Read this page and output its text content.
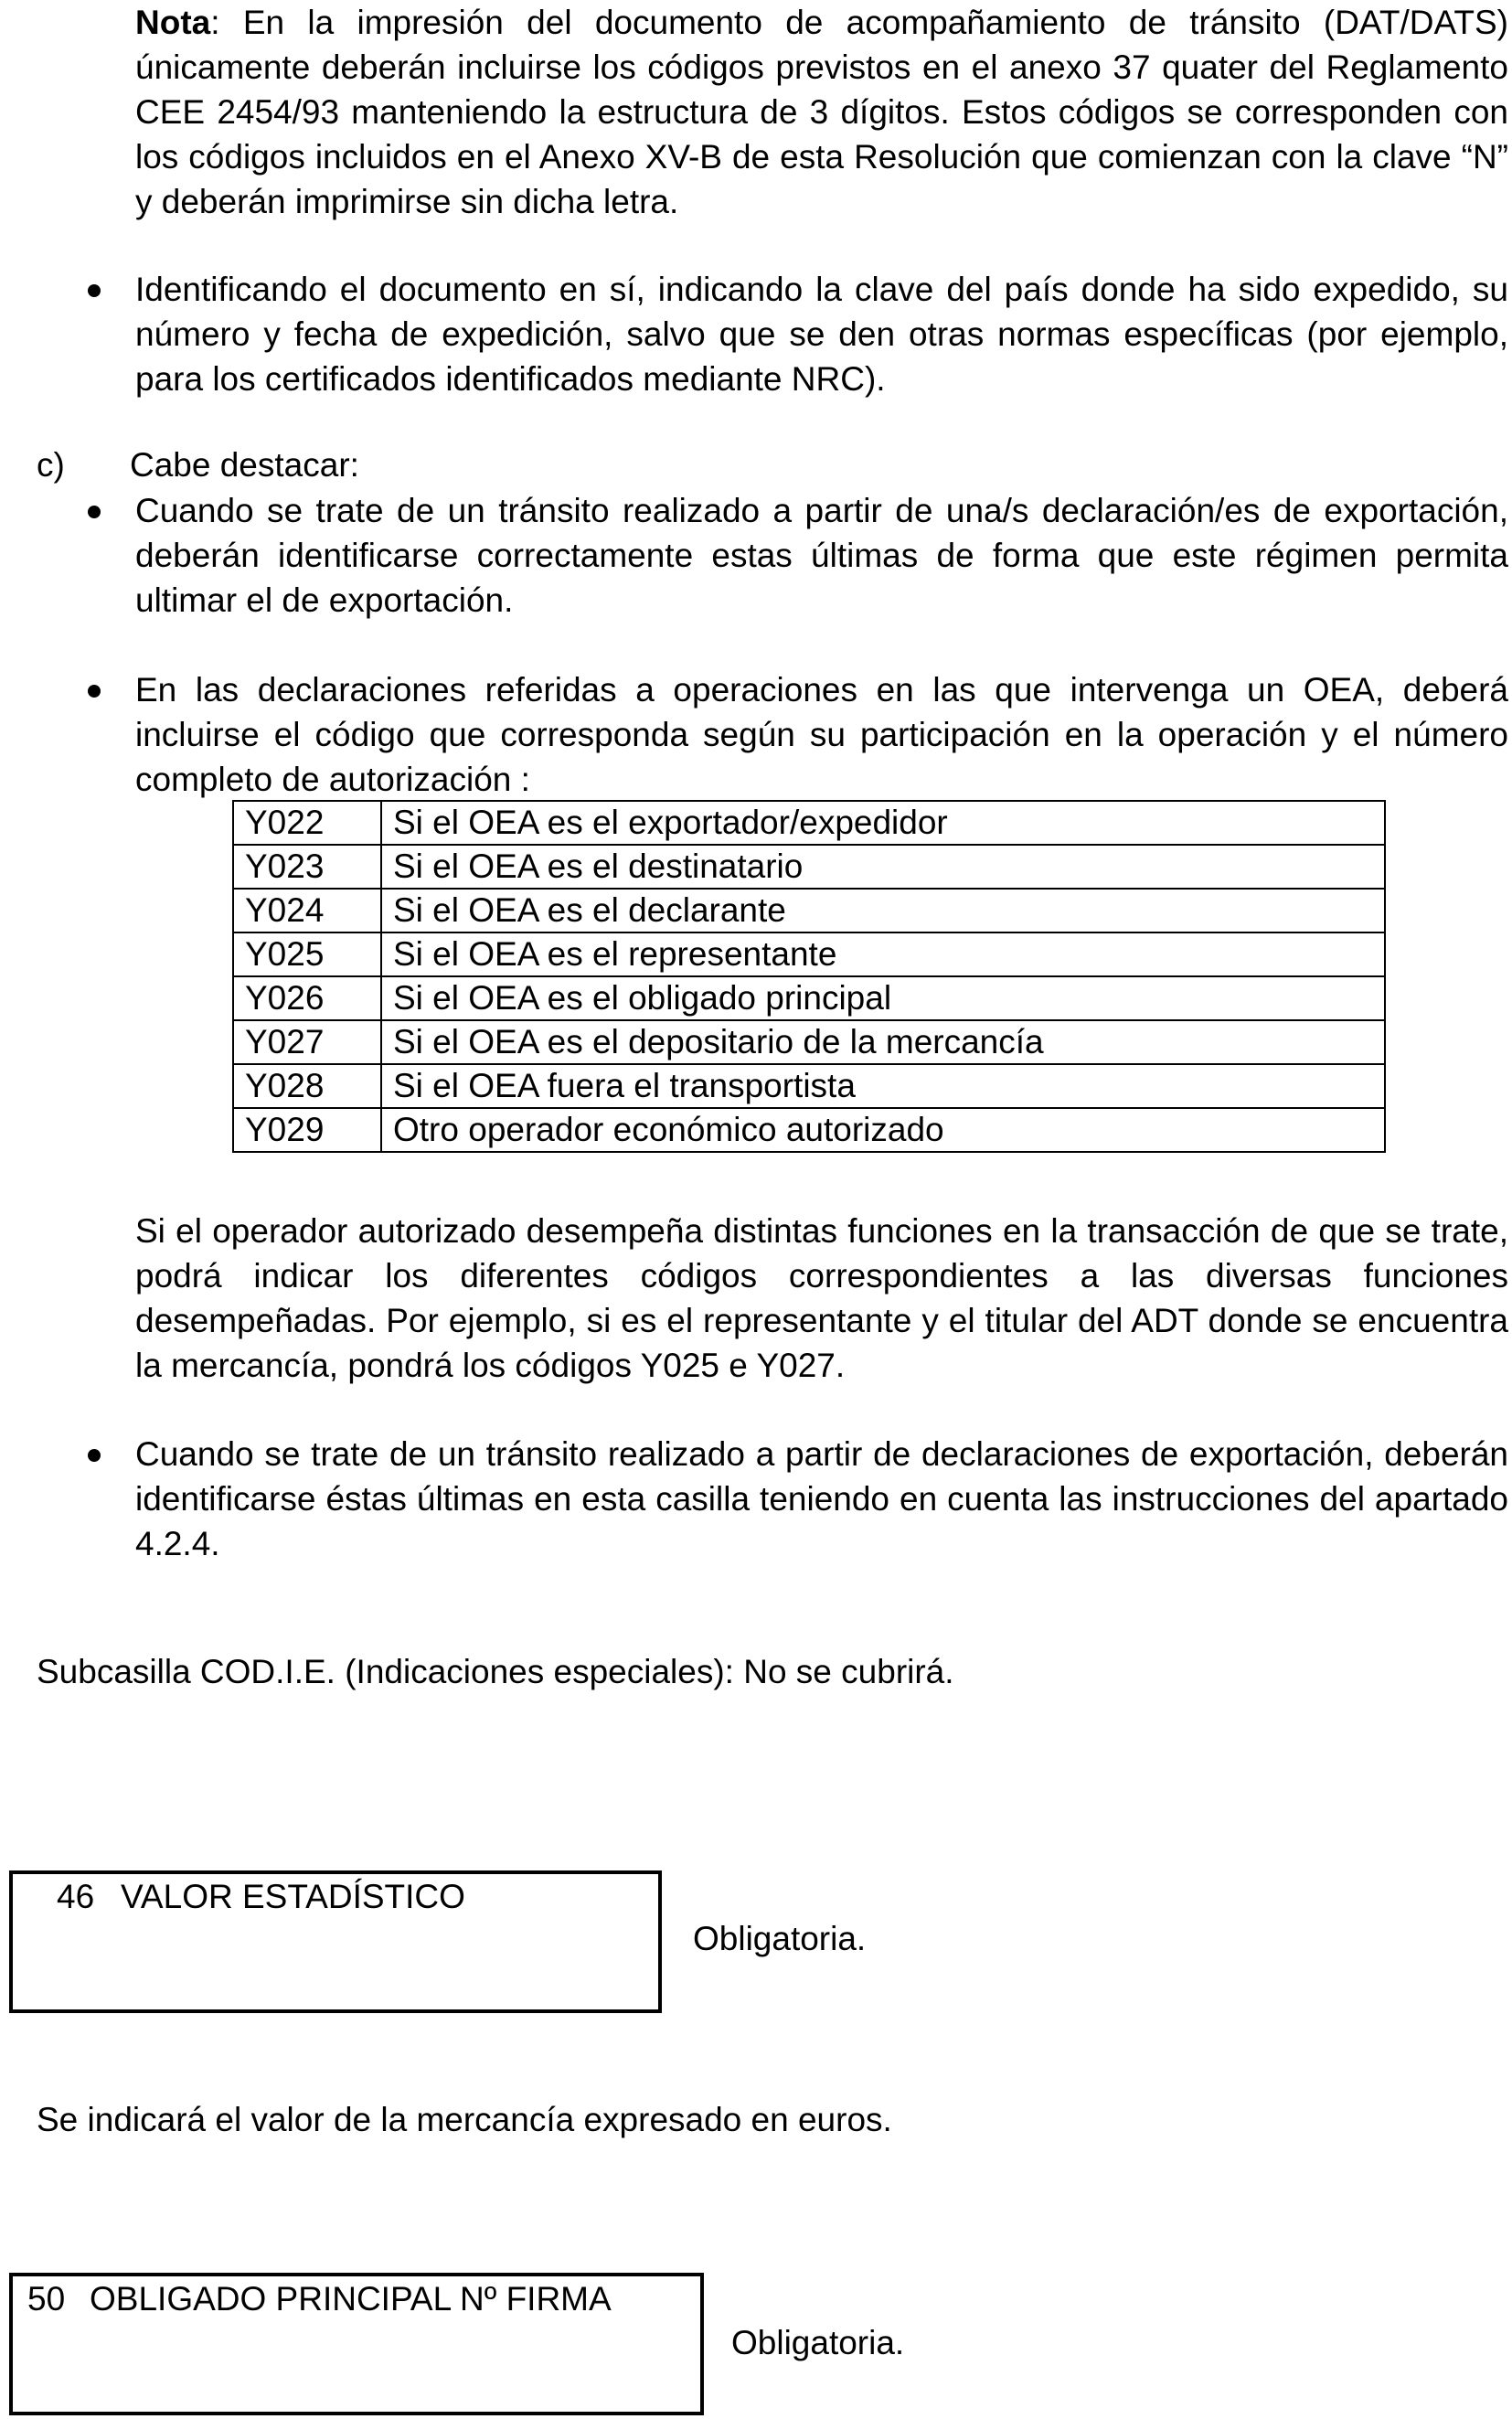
Nota: En la impresión del documento de acompañamiento de tránsito (DAT/DATS) únicamente deberán incluirse los códigos previstos en el anexo 37 quater del Reglamento CEE 2454/93 manteniendo la estructura de 3 dígitos. Estos códigos se corresponden con los códigos incluidos en el Anexo XV-B de esta Resolución que comienzan con la clave “N” y deberán imprimirse sin dicha letra.
Identificando el documento en sí, indicando la clave del país donde ha sido expedido, su número y fecha de expedición, salvo que se den otras normas específicas (por ejemplo, para los certificados identificados mediante NRC).
c) Cabe destacar:
Cuando se trate de un tránsito realizado a partir de una/s declaración/es de exportación, deberán identificarse correctamente estas últimas de forma que este régimen permita ultimar el de exportación.
En las declaraciones referidas a operaciones en las que intervenga un OEA, deberá incluirse el código que corresponda según su participación en la operación y el número completo de autorización :
Y022	Si el OEA es el exportador/expedidor
Y023	Si el OEA es el destinatario
Y024	Si el OEA es el declarante
Y025	Si el OEA es el representante
Y026	Si el OEA es el obligado principal
Y027	Si el OEA es el depositario de la mercancía
Y028	Si el OEA fuera el transportista
Y029	Otro operador económico autorizado
Si el operador autorizado desempeña distintas funciones en la transacción de que se trate, podrá indicar los diferentes códigos correspondientes a las diversas funciones desempeñadas. Por ejemplo, si es el representante y el titular del ADT donde se encuentra la mercancía, pondrá los códigos Y025 e Y027.
Cuando se trate de un tránsito realizado a partir de declaraciones de exportación, deberán identificarse éstas últimas en esta casilla teniendo en cuenta las instrucciones del apartado 4.2.4.
Subcasilla COD.I.E. (Indicaciones especiales): No se cubrirá.
46 VALOR ESTADÍSTICO
Obligatoria.
Se indicará el valor de la mercancía expresado en euros.
50 OBLIGADO PRINCIPAL Nº FIRMA
Obligatoria.
